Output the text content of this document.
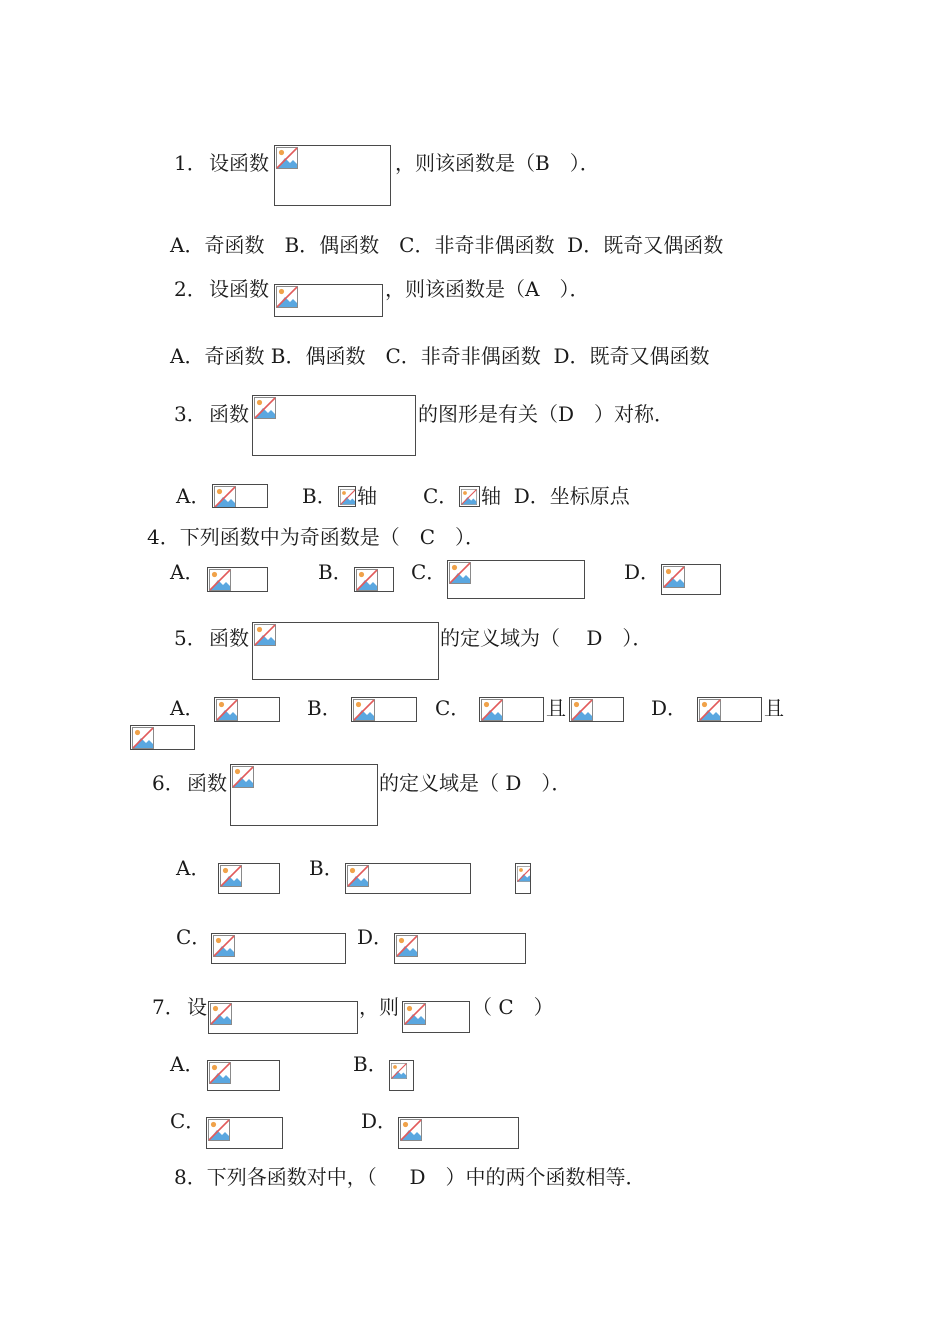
1． 设函数	，则该函数是（B　）．
A．奇函数　B．偶函数　C．非奇非偶函数  D．既奇又偶函数
2． 设函数	，则该函数是（A　）．
A．奇函数 B．偶函数　C．非奇非偶函数  D．既奇又偶函数
3． 函数	的图形是有关（D　）对称．
A．	B． 轴 C． 轴  D．坐标原点
4．下列函数中为奇函数是（　C　）．
A．	B．	C．	D．
5． 函数	的定义域为（　 D　）．
A．	B．	C．	且	D．	且
6． 函数	的定义域是（ D　）．
A．	B．
C．	D．
7． 设	，则	（ C　）
A．	B．
C．	D．
8．下列各函数对中，（　  D　）中的两个函数相等．
